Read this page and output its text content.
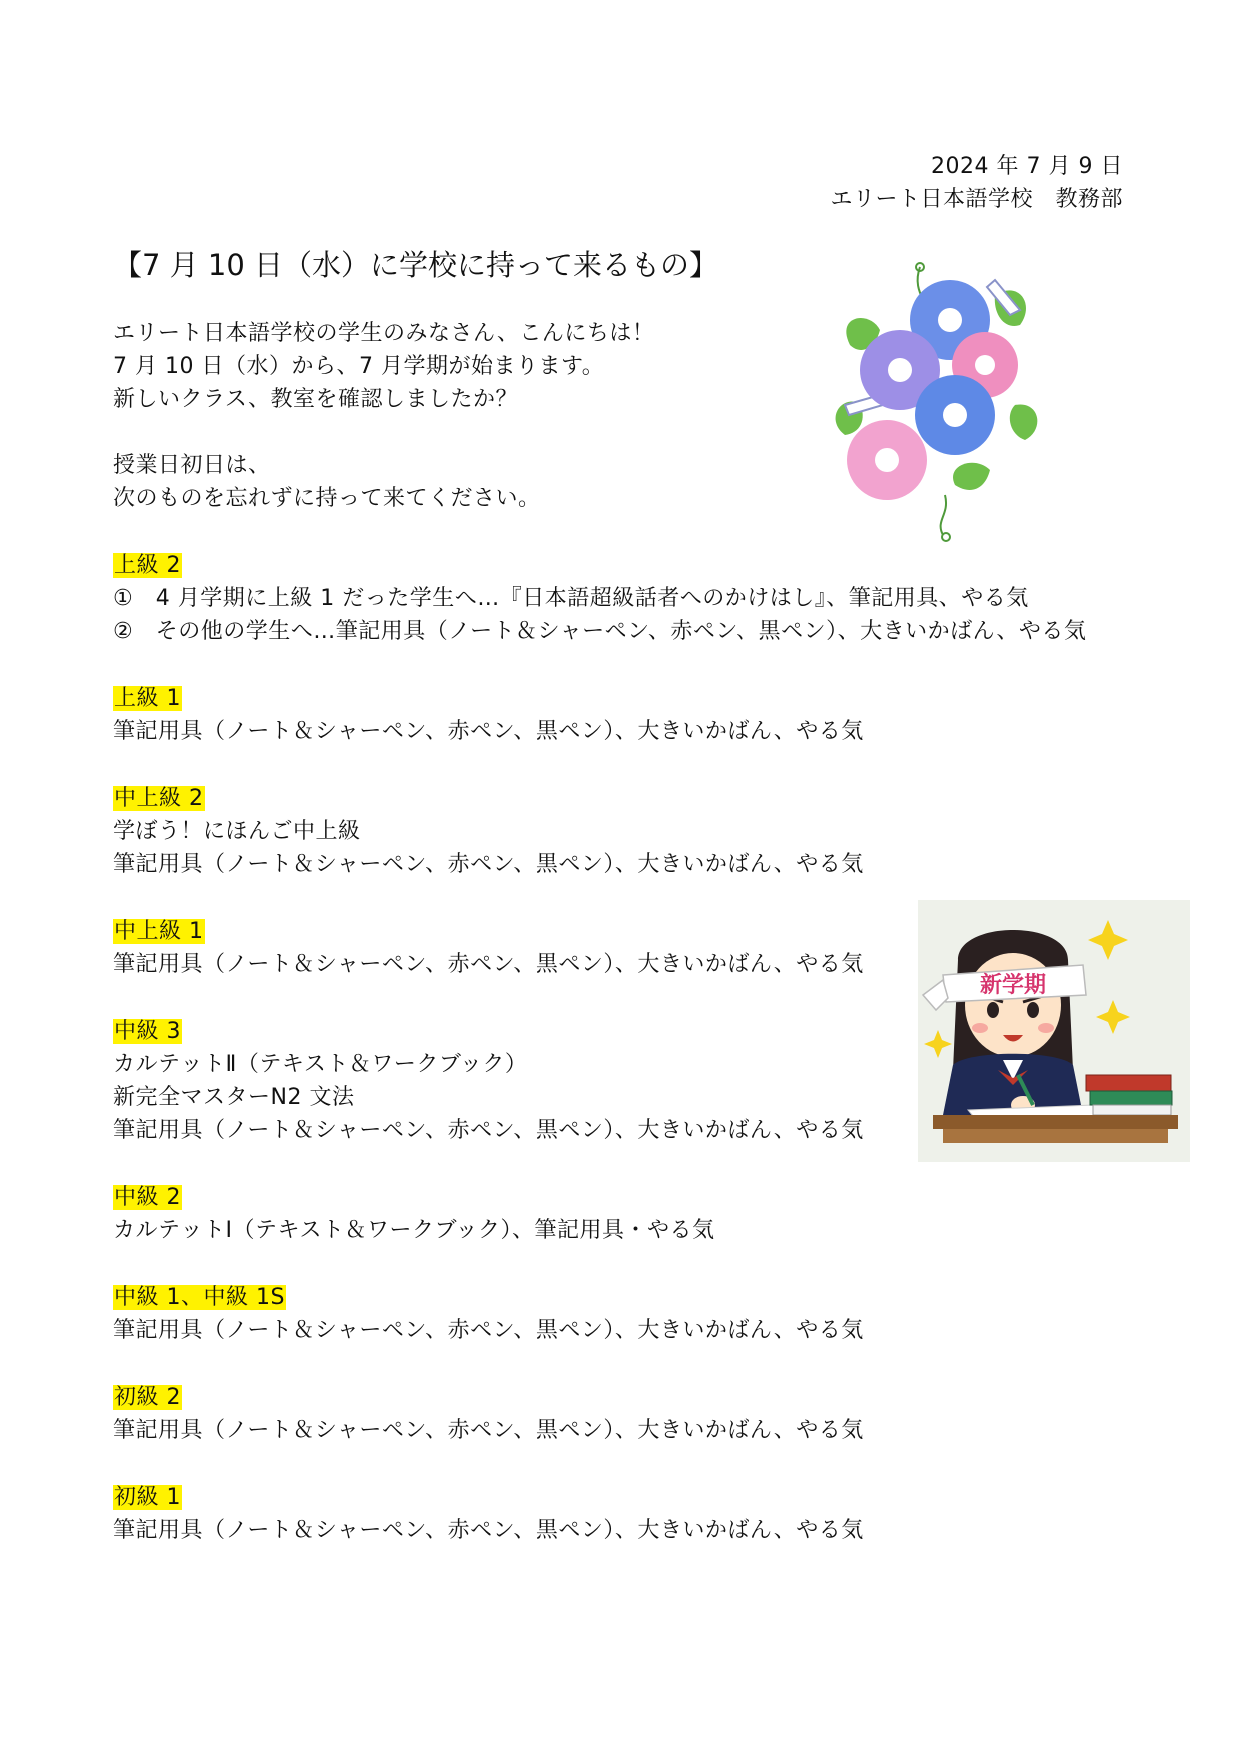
2024 年 7 月 9 日
エリート日本語学校　教務部
【7 月 10 日（水）に学校に持って来るもの】
エリート日本語学校の学生のみなさん、こんにちは！
7 月 10 日（水）から、7 月学期が始まります。
新しいクラス、教室を確認しましたか？
授業日初日は、
次のものを忘れずに持って来てください。
上級 2
①　4 月学期に上級 1 だった学生へ…『日本語超級話者へのかけはし』、筆記用具、やる気
②　その他の学生へ…筆記用具（ノート＆シャーペン、赤ペン、黒ペン）、大きいかばん、やる気
上級 1
筆記用具（ノート＆シャーペン、赤ペン、黒ペン）、大きいかばん、やる気
中上級 2
学ぼう！にほんご中上級
筆記用具（ノート＆シャーペン、赤ペン、黒ペン）、大きいかばん、やる気
中上級 1
筆記用具（ノート＆シャーペン、赤ペン、黒ペン）、大きいかばん、やる気
中級 3
カルテットⅡ（テキスト＆ワークブック）
新完全マスターN2 文法
筆記用具（ノート＆シャーペン、赤ペン、黒ペン）、大きいかばん、やる気
中級 2
カルテットⅠ（テキスト＆ワークブック）、筆記用具・やる気
中級 1、中級 1S
筆記用具（ノート＆シャーペン、赤ペン、黒ペン）、大きいかばん、やる気
初級 2
筆記用具（ノート＆シャーペン、赤ペン、黒ペン）、大きいかばん、やる気
初級 1
筆記用具（ノート＆シャーペン、赤ペン、黒ペン）、大きいかばん、やる気
新学期
